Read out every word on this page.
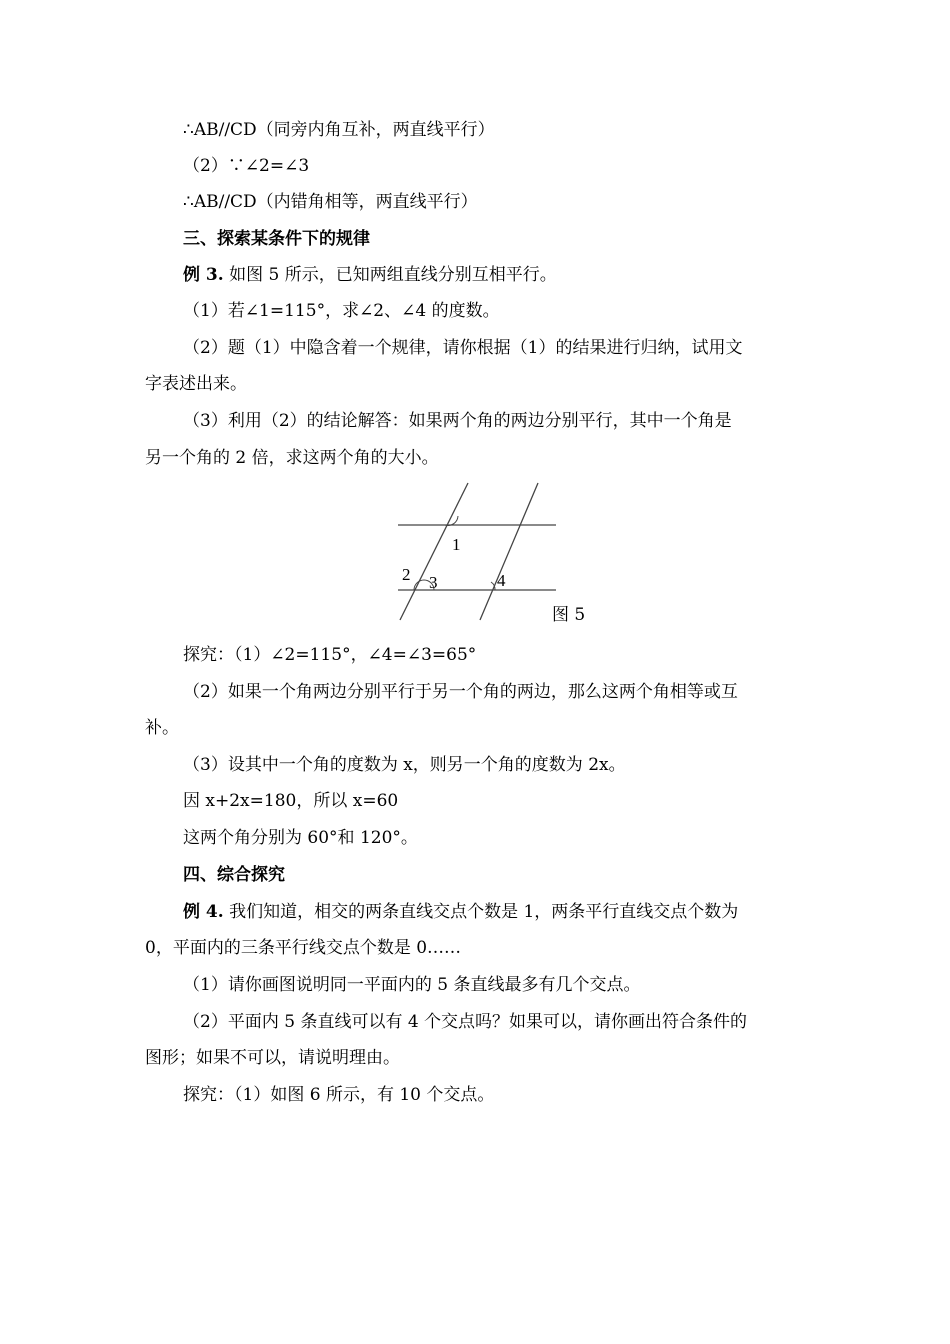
∴AB//CD（同旁内角互补，两直线平行）
（2）∵∠2=∠3
∴AB//CD（内错角相等，两直线平行）
三、探索某条件下的规律
例 3. 如图 5 所示，已知两组直线分别互相平行。
（1）若∠1=115°，求∠2、∠4 的度数。
（2）题（1）中隐含着一个规律，请你根据（1）的结果进行归纳，试用文
字表述出来。
（3）利用（2）的结论解答：如果两个角的两边分别平行，其中一个角是
另一个角的 2 倍，求这两个角的大小。
1
2 3	4
图 5
探究：（1）∠2=115°，∠4=∠3=65°
（2）如果一个角两边分别平行于另一个角的两边，那么这两个角相等或互
补。
（3）设其中一个角的度数为 x，则另一个角的度数为 2x。
因 x+2x=180，所以 x=60
这两个角分别为 60°和 120°。
四、综合探究
例 4. 我们知道，相交的两条直线交点个数是 1，两条平行直线交点个数为
0，平面内的三条平行线交点个数是 0……
（1）请你画图说明同一平面内的 5 条直线最多有几个交点。
（2）平面内 5 条直线可以有 4 个交点吗？如果可以，请你画出符合条件的
图形；如果不可以，请说明理由。
探究：（1）如图 6 所示，有 10 个交点。
